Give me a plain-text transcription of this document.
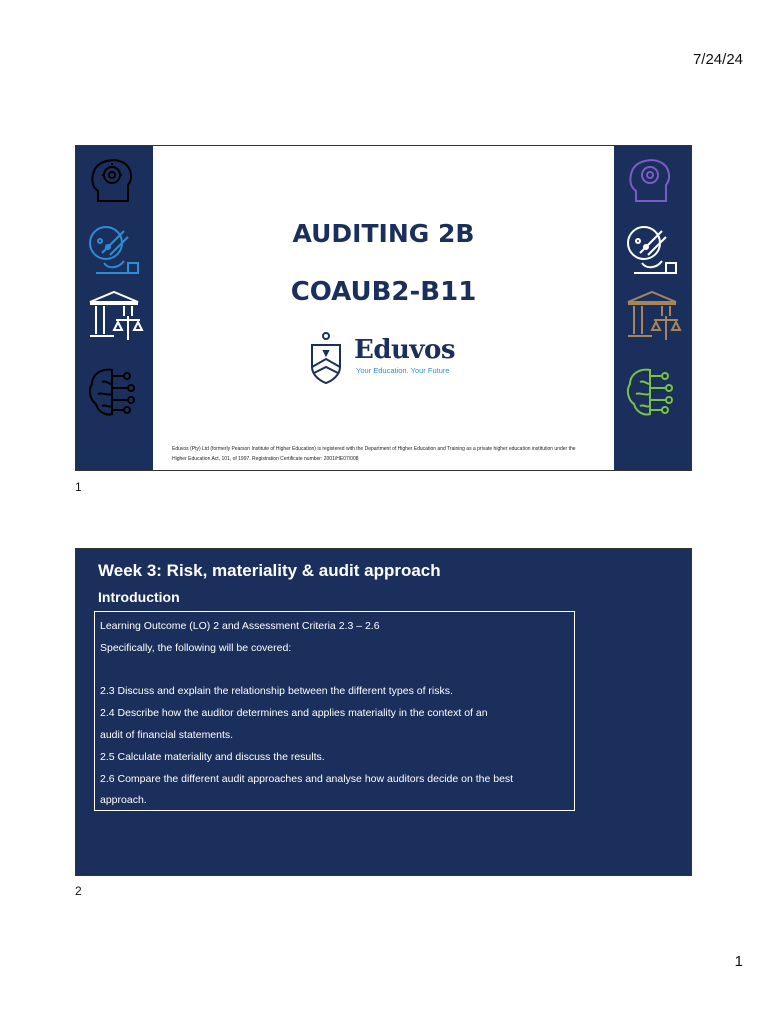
7/24/24
AUDITING 2B
COAUB2-B11
Eduvos
Your Education. Your Future
Eduvos (Pty) Ltd (formerly Pearson Institute of Higher Education) is registered with the Department of Higher Education and Training as a private higher education institution under the Higher Education Act, 101, of 1997. Registration Certificate number: 2001/HE07/008
1
Week 3: Risk, materiality & audit approach
Introduction
Learning Outcome (LO) 2 and Assessment Criteria 2.3 – 2.6
Specifically, the following will be covered:
2.3 Discuss and explain the relationship between the different types of risks.
2.4 Describe how the auditor determines and applies materiality in the context of an
audit of financial statements.
2.5 Calculate materiality and discuss the results.
2.6 Compare the different audit approaches and analyse how auditors decide on the best
approach.
2
1
